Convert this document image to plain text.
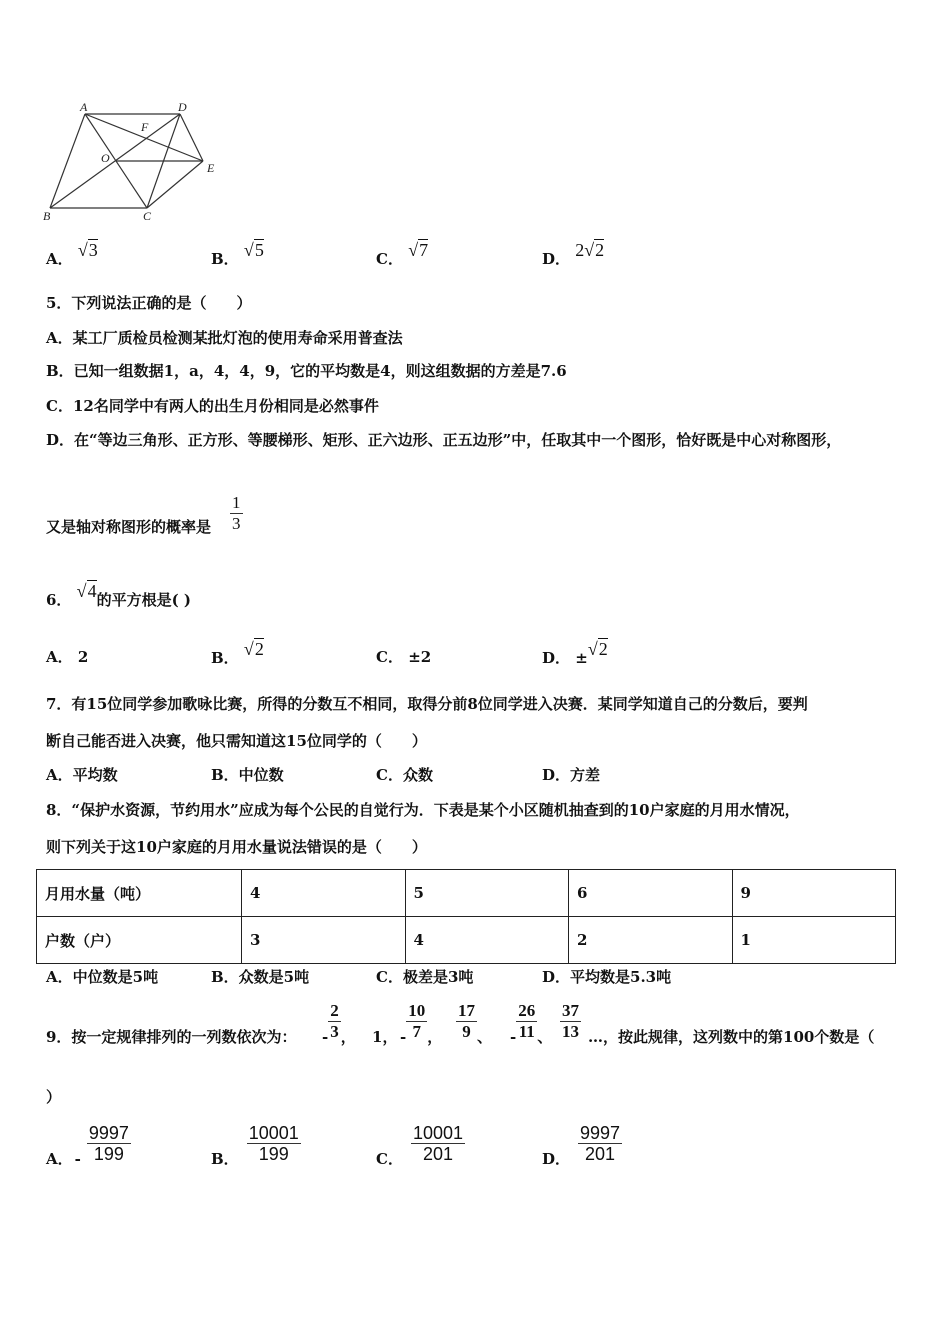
A	D
F
O
E
B	C
A． √3	B． √5	C． √7	D． 2√2
5．下列说法正确的是（　　）
A．某工厂质检员检测某批灯泡的使用寿命采用普查法
B．已知一组数据1，a，4，4，9，它的平均数是4，则这组数据的方差是7.6
C．12名同学中有两人的出生月份相同是必然事件
D．在“等边三角形、正方形、等腰梯形、矩形、正六边形、正五边形”中，任取其中一个图形，恰好既是中心对称图形，
又是轴对称图形的概率是 $\frac{1}{3}$
6． √4的平方根是( )
A． 2	B． √2	C． ±2	D． ±√2
7．有15位同学参加歌咏比赛，所得的分数互不相同，取得分前8位同学进入决赛．某同学知道自己的分数后，要判
断自己能否进入决赛，他只需知道这15位同学的（　　）
A．平均数	B．中位数	C．众数	D．方差
8．“保护水资源，节约用水”应成为每个公民的自觉行为．下表是某个小区随机抽查到的10户家庭的月用水情况，
则下列关于这10户家庭的月用水量说法错误的是（　　）
月用水量（吨）	4	5	6	9
户数（户）	3	4	2	1
A．中位数是5吨	B．众数是5吨	C．极差是3吨	D．平均数是5.3吨
9．按一定规律排列的一列数依次为： - $\frac{2}{3}$ ， 1， - $\frac{10}{7}$ ， $\frac{17}{9}$ 、 - $\frac{26}{11}$ 、 $\frac{37}{13}$ …，按此规律，这列数中的第100个数是（
）
A． - $\frac{9997}{199}$	B． $\frac{10001}{199}$	C． $\frac{10001}{201}$	D． $\frac{9997}{201}$
